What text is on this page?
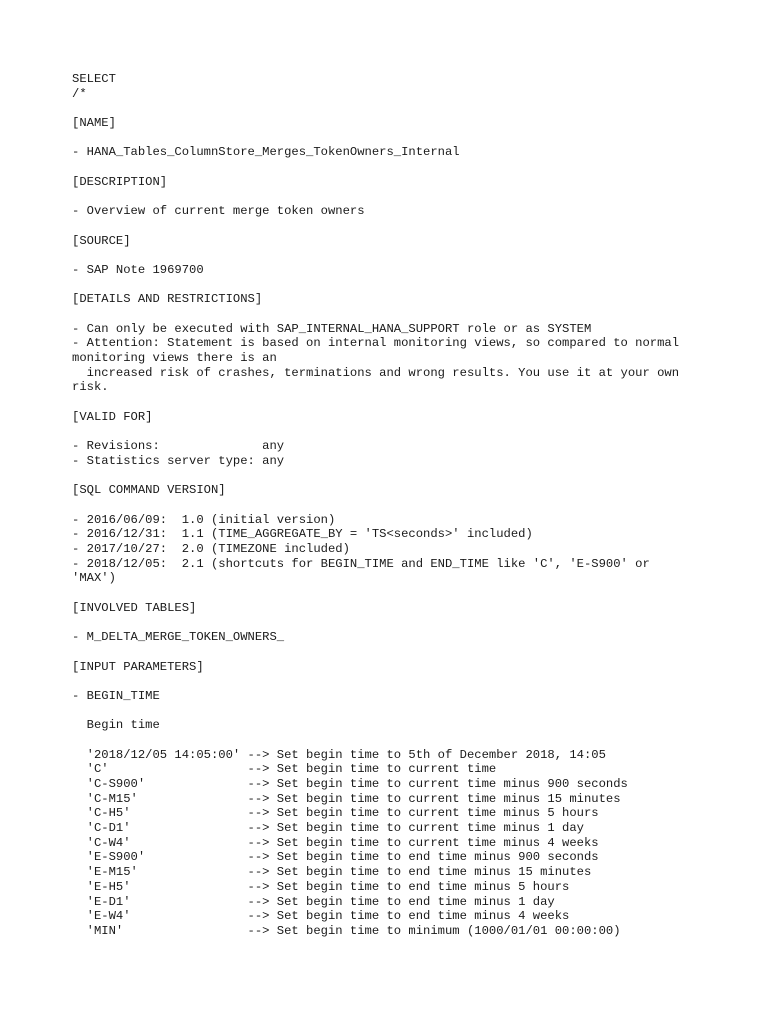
SELECT
/*
[NAME]
- HANA_Tables_ColumnStore_Merges_TokenOwners_Internal
[DESCRIPTION]
- Overview of current merge token owners
[SOURCE]
- SAP Note 1969700
[DETAILS AND RESTRICTIONS]
- Can only be executed with SAP_INTERNAL_HANA_SUPPORT role or as SYSTEM
- Attention: Statement is based on internal monitoring views, so compared to normal
monitoring views there is an
increased risk of crashes, terminations and wrong results. You use it at your own
risk.
[VALID FOR]
- Revisions:              any
- Statistics server type: any
[SQL COMMAND VERSION]
- 2016/06/09:  1.0 (initial version)
- 2016/12/31:  1.1 (TIME_AGGREGATE_BY = 'TS<seconds>' included)
- 2017/10/27:  2.0 (TIMEZONE included)
- 2018/12/05:  2.1 (shortcuts for BEGIN_TIME and END_TIME like 'C', 'E-S900' or
'MAX')
[INVOLVED TABLES]
- M_DELTA_MERGE_TOKEN_OWNERS_
[INPUT PARAMETERS]
- BEGIN_TIME
Begin time
'2018/12/05 14:05:00' --> Set begin time to 5th of December 2018, 14:05
'C'                   --> Set begin time to current time
'C-S900'              --> Set begin time to current time minus 900 seconds
'C-M15'               --> Set begin time to current time minus 15 minutes
'C-H5'                --> Set begin time to current time minus 5 hours
'C-D1'                --> Set begin time to current time minus 1 day
'C-W4'                --> Set begin time to current time minus 4 weeks
'E-S900'              --> Set begin time to end time minus 900 seconds
'E-M15'               --> Set begin time to end time minus 15 minutes
'E-H5'                --> Set begin time to end time minus 5 hours
'E-D1'                --> Set begin time to end time minus 1 day
'E-W4'                --> Set begin time to end time minus 4 weeks
'MIN'                 --> Set begin time to minimum (1000/01/01 00:00:00)
